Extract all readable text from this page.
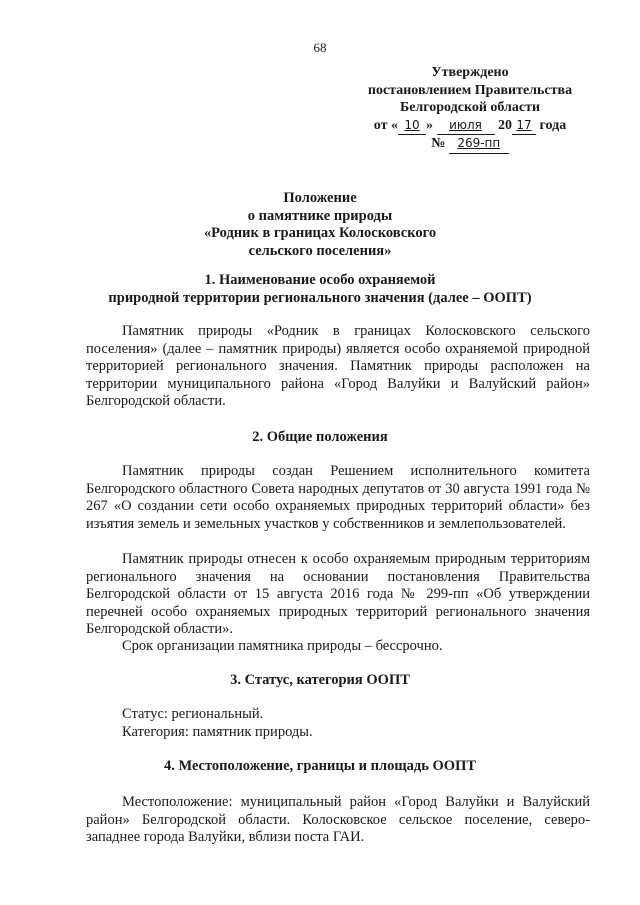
68
Утверждено
постановлением Правительства
Белгородской области
от « 10 » июля 20 17 года
№ 269-пп
Положение
о памятнике природы
«Родник в границах Колосковского
сельского поселения»
1. Наименование особо охраняемой
природной территории регионального значения (далее – ООПТ)
Памятник природы «Родник в границах Колосковского сельского поселения» (далее – памятник природы) является особо охраняемой природной территорией регионального значения. Памятник природы расположен на территории муниципального района «Город Валуйки и Валуйский район» Белгородской области.
2. Общие положения
Памятник природы создан Решением исполнительного комитета Белгородского областного Совета народных депутатов от 30 августа 1991 года № 267 «О создании сети особо охраняемых природных территорий области» без изъятия земель и земельных участков у собственников и землепользователей.
Памятник природы отнесен к особо охраняемым природным территориям регионального значения на основании постановления Правительства Белгородской области от 15 августа 2016 года № 299-пп «Об утверждении перечней особо охраняемых природных территорий регионального значения Белгородской области».
Срок организации памятника природы – бессрочно.
3. Статус, категория ООПТ
Статус: региональный.
Категория: памятник природы.
4. Местоположение, границы и площадь ООПТ
Местоположение: муниципальный район «Город Валуйки и Валуйский район» Белгородской области. Колосковское сельское поселение, северо-западнее города Валуйки, вблизи поста ГАИ.
